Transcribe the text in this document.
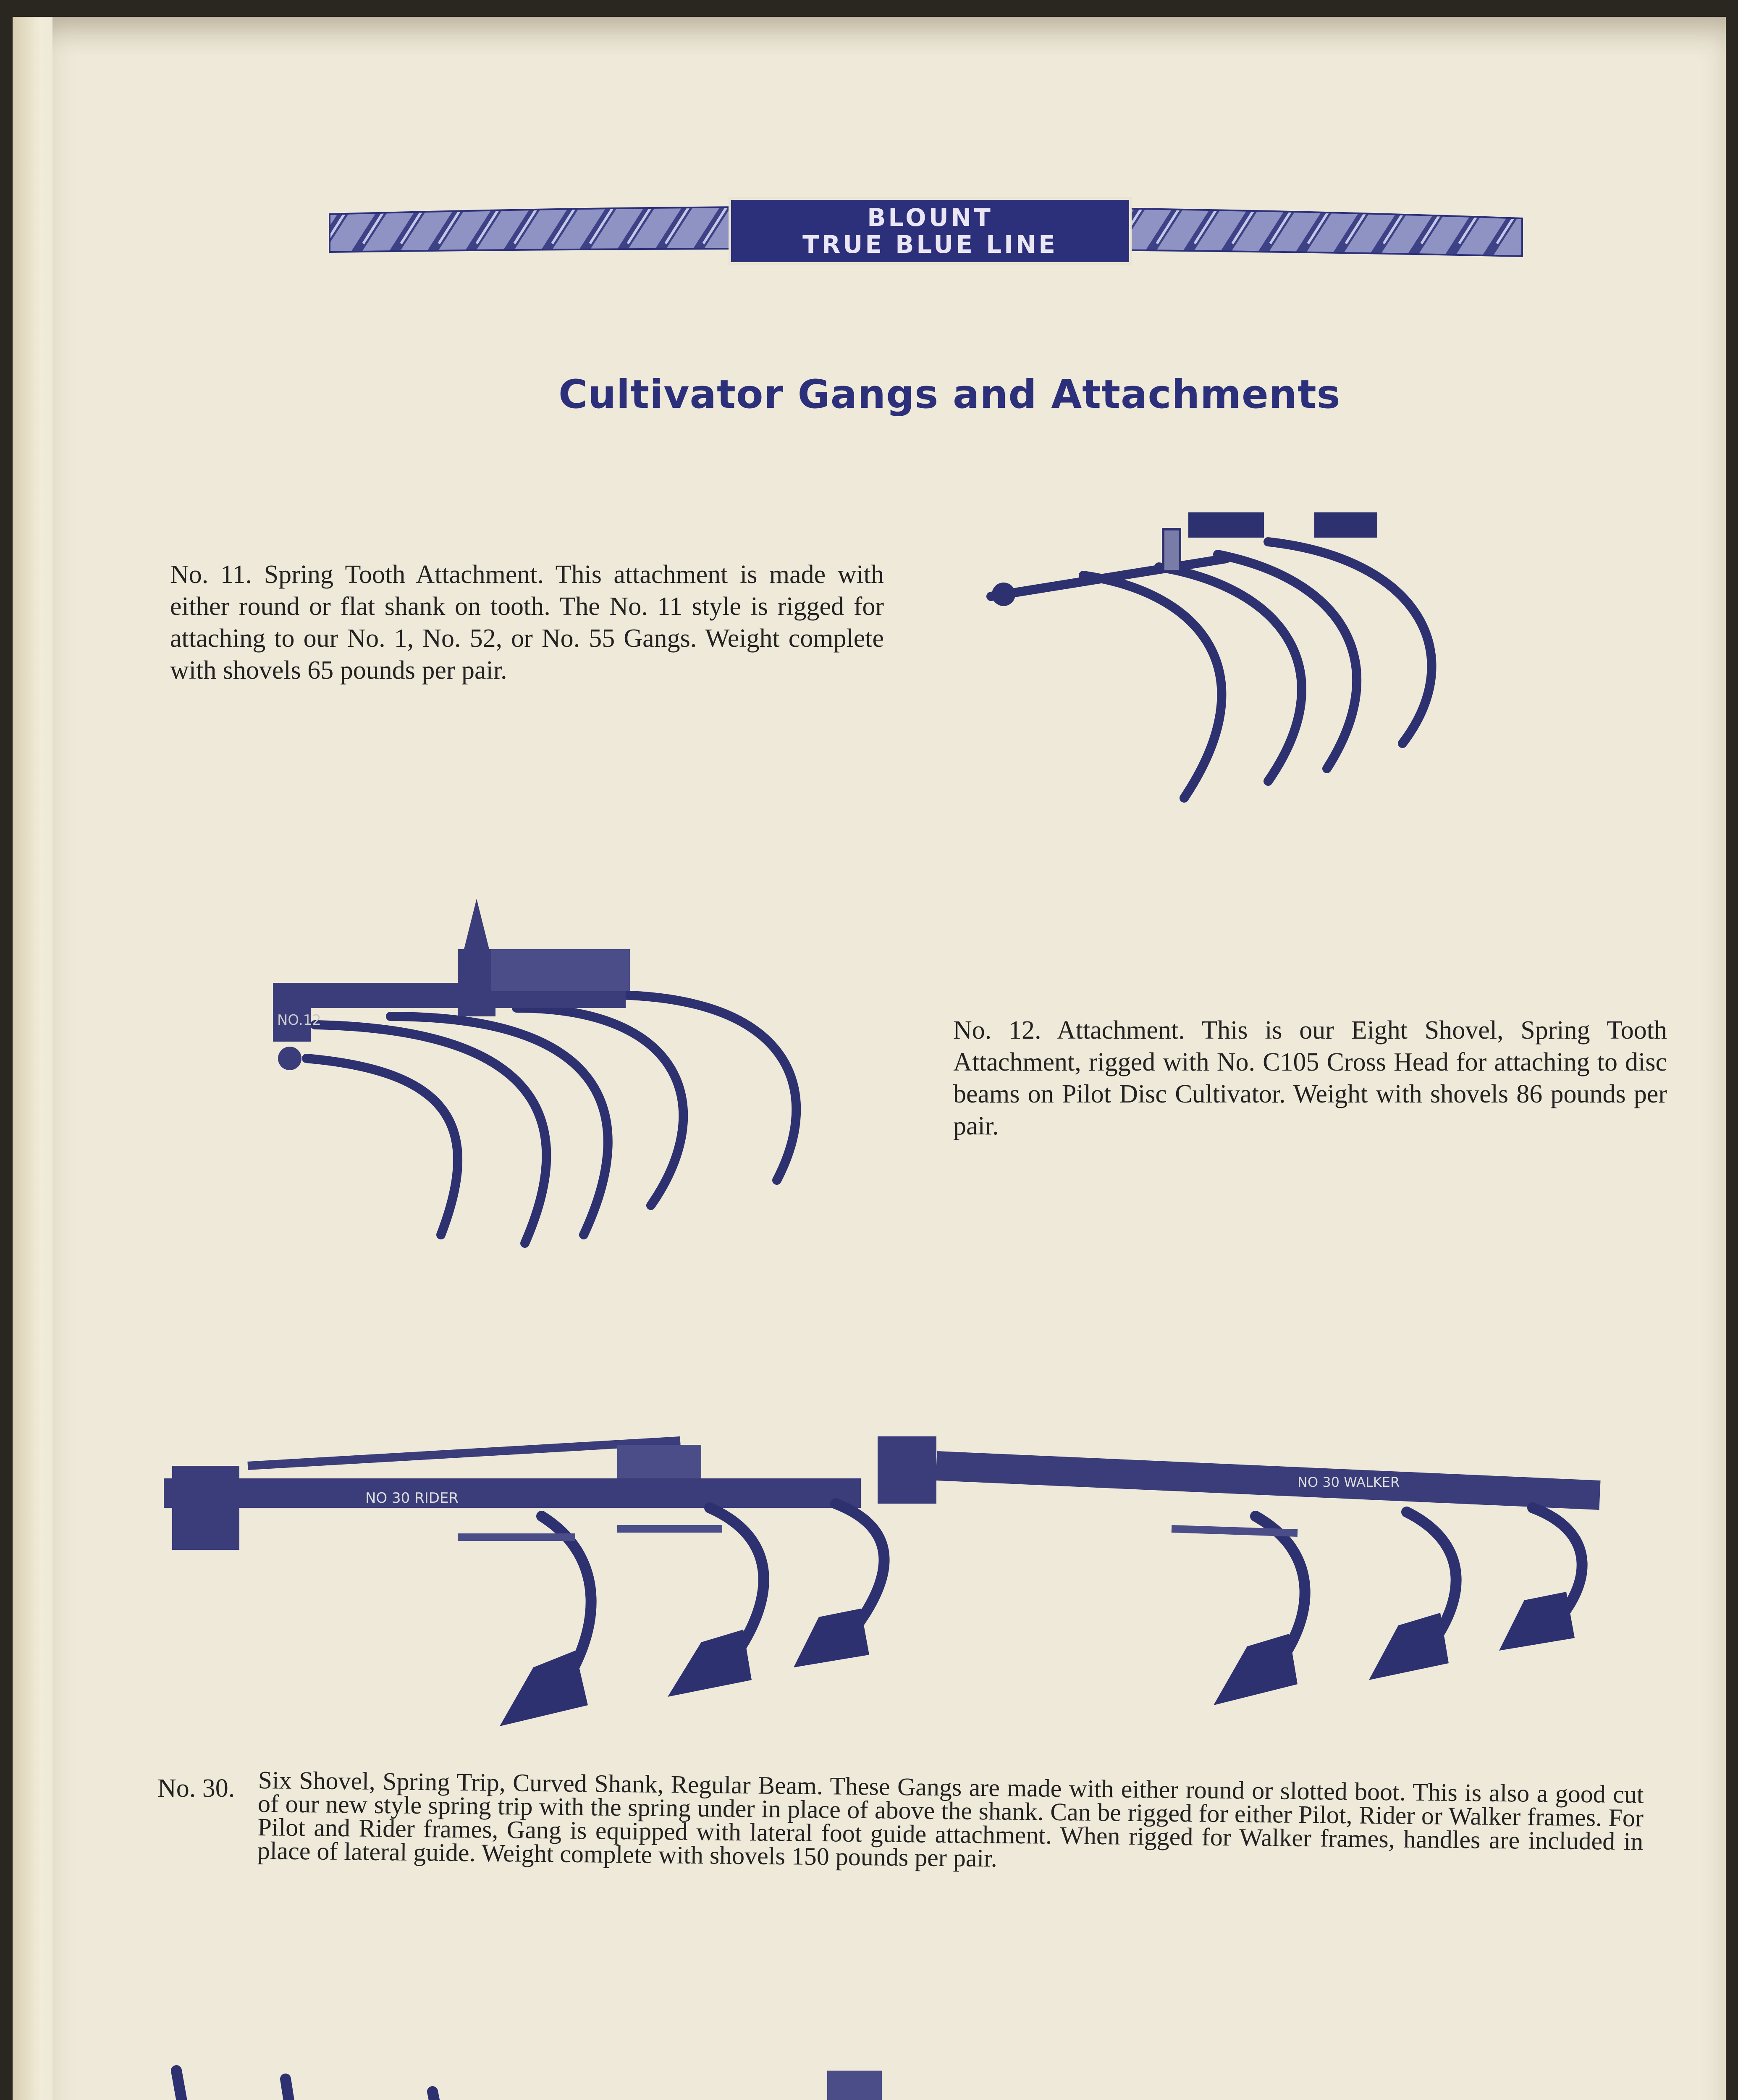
BLOUNT
TRUE BLUE LINE
Cultivator Gangs and Attachments
No. 11. Spring Tooth Attachment. This attachment is made with either round or flat shank on tooth. The No. 11 style is rigged for attaching to our No. 1, No. 52, or No. 55 Gangs. Weight complete with shovels 65 pounds per pair.
NO.12	No. 12. Attachment. This is our Eight Shovel, Spring Tooth Attachment, rigged with No. C105 Cross Head for attaching to disc beams on Pilot Disc Cultivator. Weight with shovels 86 pounds per pair.
NO 30 RIDER
NO 30 WALKER
No. 30. Six Shovel, Spring Trip, Curved Shank, Regular Beam. These Gangs are made with either round or slotted boot. This is also a good cut of our new style spring trip with the spring under in place of above the shank. Can be rigged for either Pilot, Rider or Walker frames. For Pilot and Rider frames, Gang is equipped with lateral foot guide attachment. When rigged for Walker frames, handles are included in place of lateral guide. Weight complete with shovels 150 pounds per pair.
